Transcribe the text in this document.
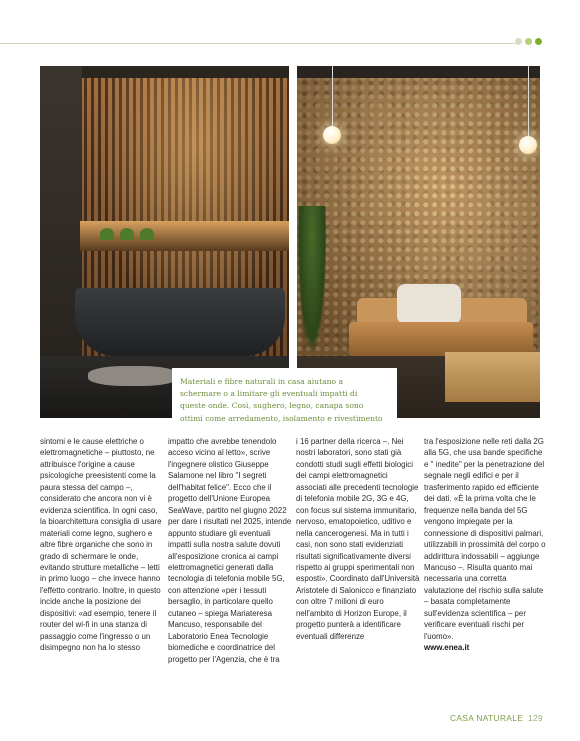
Materiali e fibre naturali in casa aiutano a schermare o a limitare gli eventuali impatti di queste onde. Così, sughero, legno, canapa sono ottimi come arredamento, isolamento e rivestimento

sintomi e le cause elettriche o elettromagnetiche – piuttosto, ne attribuisce l'origine a cause psicologiche preesistenti come la paura stessa del campo –, considerato che ancora non vi è evidenza scientifica. In ogni caso, la bioarchitettura consiglia di usare materiali come legno, sughero e altre fibre organiche che sono in grado di schermare le onde, evitando strutture metalliche – letti in primo luogo – che invece hanno l'effetto contrario. Inoltre, in questo incide anche la posizione dei dispositivi: «ad esempio, tenere il router del wi-fi in una stanza di passaggio come l'ingresso o un disimpegno non ha lo stesso

impatto che avrebbe tenendolo acceso vicino al letto», scrive l'ingegnere olistico Giuseppe Salamone nel libro "I segreti dell'habitat felice". Ecco che il progetto dell'Unione Europea SeaWave, partito nel giugno 2022 per dare i risultati nel 2025, intende appunto studiare gli eventuali impatti sulla nostra salute dovuti all'esposizione cronica ai campi elettromagnetici generati dalla tecnologia di telefonia mobile 5G, con attenzione «per i tessuti bersaglio, in particolare quello cutaneo – spiega Mariateresa Mancuso, responsabile del Laboratorio Enea Tecnologie biomediche e coordinatrice del progetto per l'Agenzia, che è tra

i 16 partner della ricerca –. Nei nostri laboratori, sono stati già condotti studi sugli effetti biologici dei campi elettromagnetici associati alle precedenti tecnologie di telefonia mobile 2G, 3G e 4G, con focus sul sistema immunitario, nervoso, ematopoietico, uditivo e nella cancerogenesi. Ma in tutti i casi, non sono stati evidenziati risultati significativamente diversi rispetto ai gruppi sperimentali non esposti». Coordinato dall'Università Aristotele di Salonicco e finanziato con oltre 7 milioni di euro nell'ambito di Horizon Europe, il progetto punterà a identificare eventuali differenze

tra l'esposizione nelle reti dalla 2G alla 5G, che usa bande specifiche e " inedite" per la penetrazione del segnale negli edifici e per il trasferimento rapido ed efficiente dei dati. «È la prima volta che le frequenze nella banda del 5G vengono impiegate per la connessione di dispositivi palmari, utilizzabili in prossimità del corpo o addirittura indossabili – aggiunge Mancuso –. Risulta quanto mai necessaria una corretta valutazione del rischio sulla salute – basata completamente sull'evidenza scientifica – per verificare eventuali rischi per l'uomo».

www.enea.it

CASA NATURALE 129
